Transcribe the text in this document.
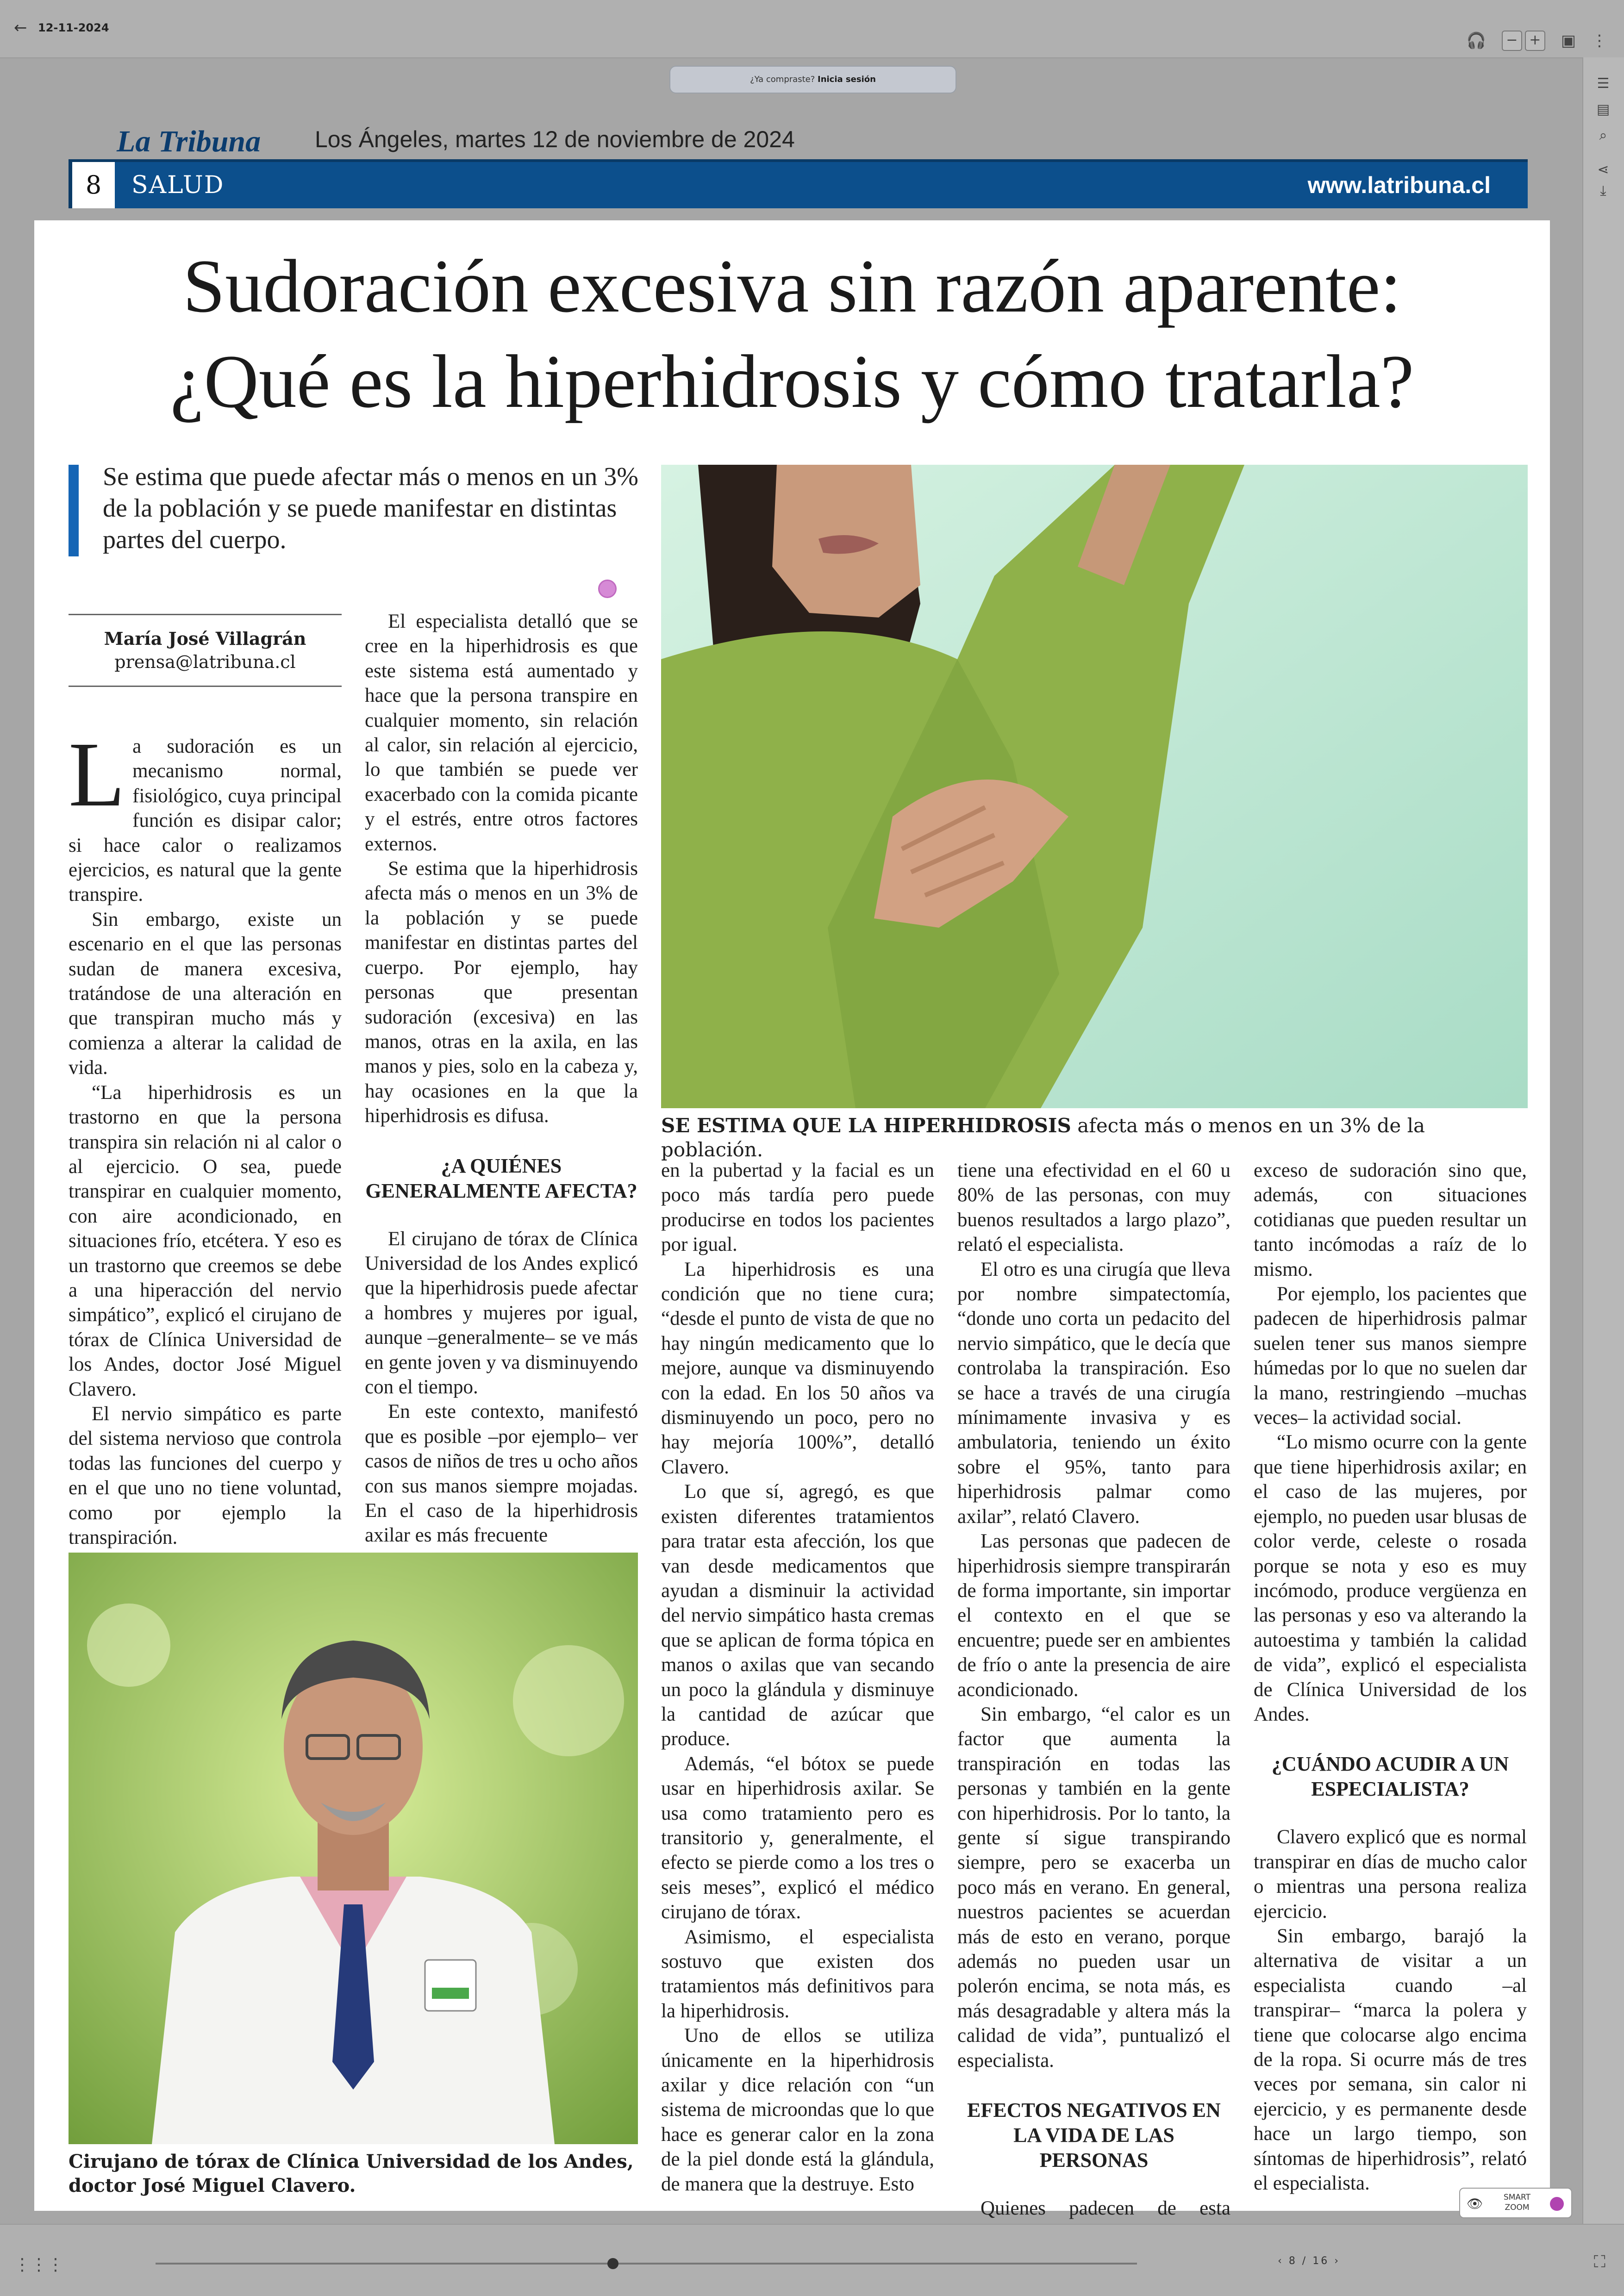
← 12-11-2024
🎧	− + ▣ ⋮
¿Ya compraste? Inicia sesión	☰
▤
⌕
⋖
⤓
La Tribuna Los Ángeles, martes 12 de noviembre de 2024
8	SALUD	www.latribuna.cl
Sudoración excesiva sin razón aparente:
¿Qué es la hiperhidrosis y cómo tratarla?
Se estima que puede afectar más o menos en un 3% de la población y se puede manifestar en distintas partes del cuerpo.
María José Villagrán
prensa@latribuna.cl

La sudoración es un mecanismo normal, fisiológico, cuya principal función es disipar calor; si hace calor o realizamos ejercicios, es natural que la gente transpire.

Sin embargo, existe un escenario en el que las personas sudan de manera excesiva, tratándose de una alteración en que transpiran mucho más y comienza a alterar la calidad de vida.

“La hiperhidrosis es un trastorno en que la persona transpira sin relación ni al calor o al ejercicio. O sea, puede transpirar en cualquier momento, con aire acondicionado, en situaciones frío, etcétera. Y eso es un trastorno que creemos se debe a una hiperacción del nervio simpático”, explicó el cirujano de tórax de Clínica Universidad de los Andes, doctor José Miguel Clavero.

El nervio simpático es parte del sistema nervioso que controla todas las funciones del cuerpo y en el que uno no tiene voluntad, como por ejemplo la transpiración.

El especialista detalló que se cree en la hiperhidrosis es que este sistema está aumentado y hace que la persona transpire en cualquier momento, sin relación al calor, sin relación al ejercicio, lo que también se puede ver exacerbado con la comida picante y el estrés, entre otros factores externos.

Se estima que la hiperhidrosis afecta más o menos en un 3% de la población y se puede manifestar en distintas partes del cuerpo. Por ejemplo, hay personas que presentan sudoración (excesiva) en las manos, otras en la axila, en las manos y pies, solo en la cabeza y, hay ocasiones en la que la hiperhidrosis es difusa.

¿A QUIÉNES GENERALMENTE AFECTA?

El cirujano de tórax de Clínica Universidad de los Andes explicó que la hiperhidrosis puede afectar a hombres y mujeres por igual, aunque –generalmente– se ve más en gente joven y va disminuyendo con el tiempo.

En este contexto, manifestó que es posible –por ejemplo– ver casos de niños de tres u ocho años con sus manos siempre mojadas. En el caso de la hiperhidrosis axilar es más frecuente

SE ESTIMA QUE LA HIPERHIDROSIS afecta más o menos en un 3% de la población.

en la pubertad y la facial es un poco más tardía pero puede producirse en todos los pacientes por igual.

La hiperhidrosis es una condición que no tiene cura; “desde el punto de vista de que no hay ningún medicamento que lo mejore, aunque va disminuyendo con la edad. En los 50 años va disminuyendo un poco, pero no hay mejoría 100%”, detalló Clavero.

Lo que sí, agregó, es que existen diferentes tratamientos para tratar esta afección, los que van desde medicamentos que ayudan a disminuir la actividad del nervio simpático hasta cremas que se aplican de forma tópica en manos o axilas que van secando un poco la glándula y disminuye la cantidad de azúcar que produce.

Además, “el bótox se puede usar en hiperhidrosis axilar. Se usa como tratamiento pero es transitorio y, generalmente, el efecto se pierde como a los tres o seis meses”, explicó el médico cirujano de tórax.

Asimismo, el especialista sostuvo que existen dos tratamientos más definitivos para la hiperhidrosis.

Uno de ellos se utiliza únicamente en la hiperhidrosis axilar y dice relación con “un sistema de microondas que lo que hace es generar calor en la zona de la piel donde está la glándula, de manera que la destruye. Esto

tiene una efectividad en el 60 u 80% de las personas, con muy buenos resultados a largo plazo”, relató el especialista.

El otro es una cirugía que lleva por nombre simpatectomía, “donde uno corta un pedacito del nervio simpático, que le decía que controlaba la transpiración. Eso se hace a través de una cirugía mínimamente invasiva y es ambulatoria, teniendo un éxito sobre el 95%, tanto para hiperhidrosis palmar como axilar”, relató Clavero.

Las personas que padecen de hiperhidrosis siempre transpirarán de forma importante, sin importar el contexto en el que se encuentre; puede ser en ambientes de frío o ante la presencia de aire acondicionado.

Sin embargo, “el calor es un factor que aumenta la transpiración en todas las personas y también en la gente con hiperhidrosis. Por lo tanto, la gente sí sigue transpirando siempre, pero se exacerba un poco más en verano. En general, nuestros pacientes se acuerdan más de esto en verano, porque además no pueden usar un polerón encima, se nota más, es más desagradable y altera más la calidad de vida”, puntualizó el especialista.

EFECTOS NEGATIVOS EN LA VIDA DE LAS PERSONAS

Quienes padecen de esta

exceso de sudoración sino que, además, con situaciones cotidianas que pueden resultar un tanto incómodas a raíz de lo mismo.

Por ejemplo, los pacientes que padecen de hiperhidrosis palmar suelen tener sus manos siempre húmedas por lo que no suelen dar la mano, restringiendo –muchas veces– la actividad social.

“Lo mismo ocurre con la gente que tiene hiperhidrosis axilar; en el caso de las mujeres, por ejemplo, no pueden usar blusas de color verde, celeste o rosada porque se nota y eso es muy incómodo, produce vergüenza en las personas y eso va alterando la autoestima y también la calidad de vida”, explicó el especialista de Clínica Universidad de los Andes.

¿CUÁNDO ACUDIR A UN ESPECIALISTA?

Clavero explicó que es normal transpirar en días de mucho calor o mientras una persona realiza ejercicio.

Sin embargo, barajó la alternativa de visitar a un especialista cuando –al transpirar– “marca la polera y tiene que colocarse algo encima de la ropa. Si ocurre más de tres veces por semana, sin calor ni ejercicio, y es permanente desde hace un largo tiempo, son síntomas de hiperhidrosis”, relató el especialista.

Cirujano de tórax de Clínica Universidad de los Andes, doctor José Miguel Clavero.
👁	SMART ZOOM
⋮⋮⋮	‹ 8 / 16 ›	⛶
